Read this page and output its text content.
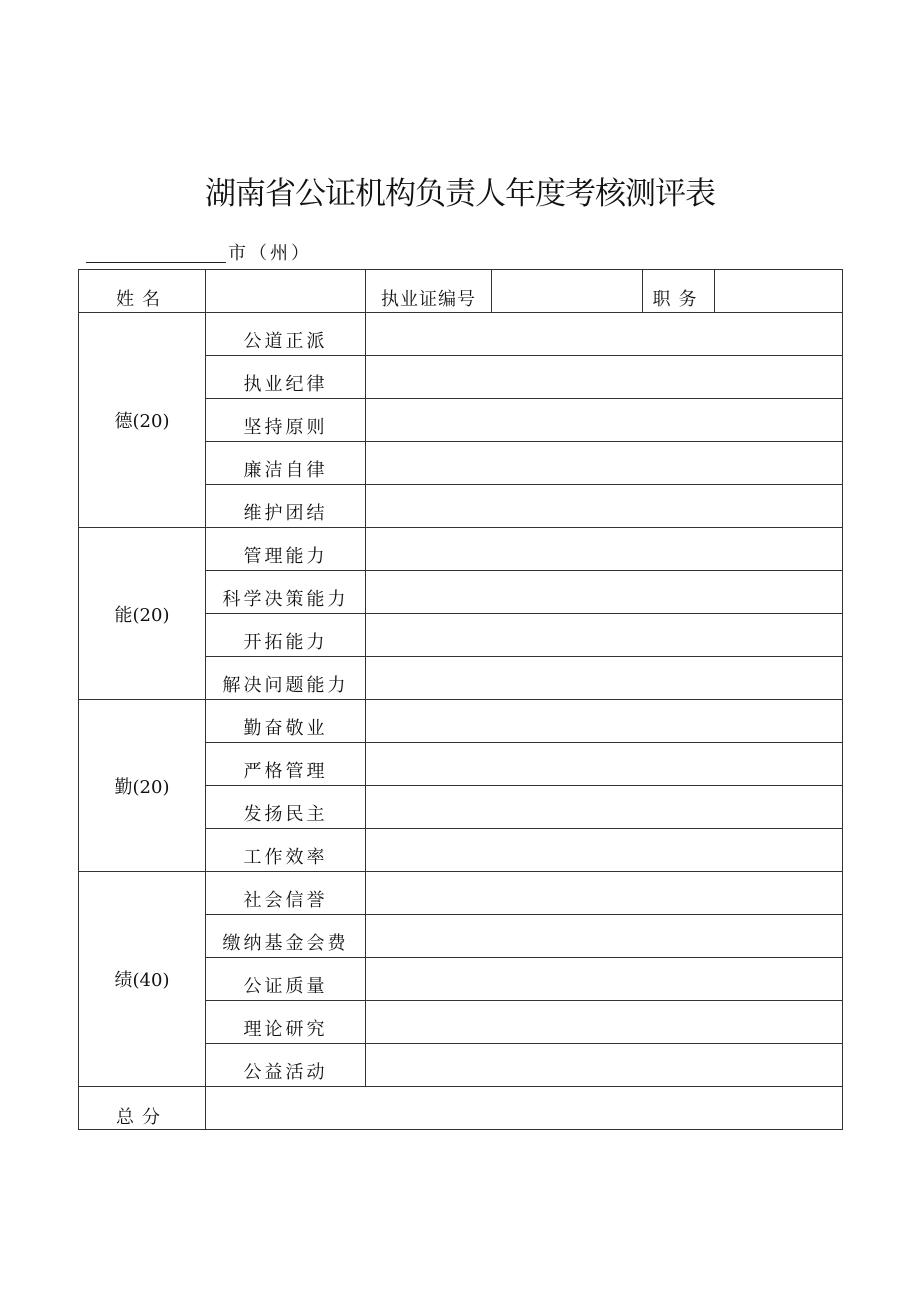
湖南省公证机构负责人年度考核测评表
市（州）
姓名		执业证编号		职务	
德(20)	公道正派				
	执业纪律				
	坚持原则				
	廉洁自律				
	维护团结				
能(20)	管理能力				
	科学决策能力				
	开拓能力				
	解决问题能力				
勤(20)	勤奋敬业				
	严格管理				
	发扬民主				
	工作效率				
绩(40)	社会信誉				
	缴纳基金会费				
	公证质量				
	理论研究				
	公益活动				
总分					
